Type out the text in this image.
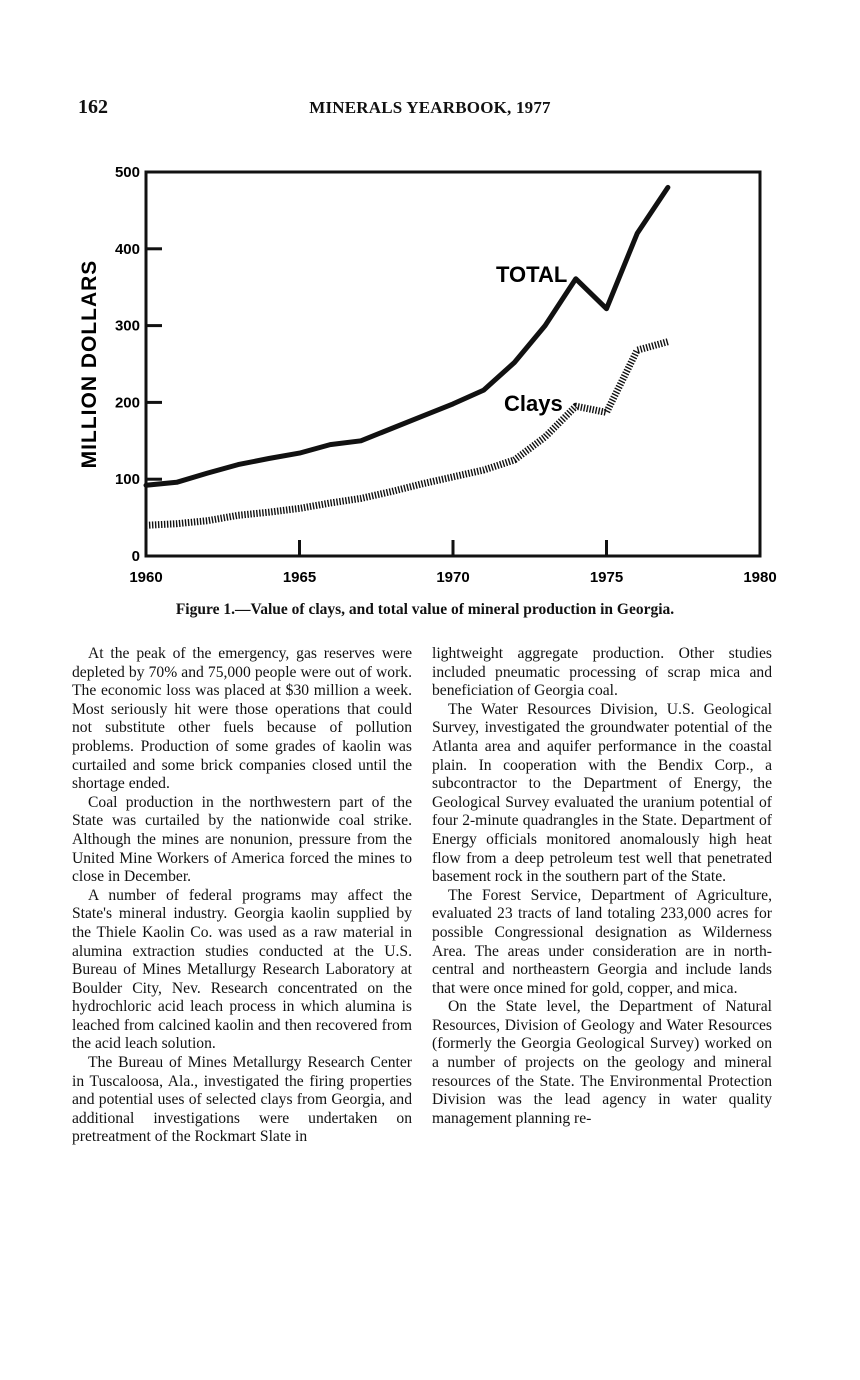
162	MINERALS YEARBOOK, 1977
0
100
200
300
400
500
1960	1965	1970	1975	1980
MILLION DOLLARS	TOTAL
Clays
Figure 1.—Value of clays, and total value of mineral production in Georgia.

At the peak of the emergency, gas reserves were depleted by 70% and 75,000 people were out of work. The economic loss was placed at $30 million a week. Most seriously hit were those operations that could not substitute other fuels because of pollution problems. Production of some grades of kaolin was curtailed and some brick companies closed until the shortage ended.

Coal production in the northwestern part of the State was curtailed by the nationwide coal strike. Although the mines are nonunion, pressure from the United Mine Workers of America forced the mines to close in December.

A number of federal programs may affect the State's mineral industry. Georgia kaolin supplied by the Thiele Kaolin Co. was used as a raw material in alumina extraction studies conducted at the U.S. Bureau of Mines Metallurgy Research Laboratory at Boulder City, Nev. Research concentrated on the hydrochloric acid leach process in which alumina is leached from calcined kaolin and then recovered from the acid leach solution.

The Bureau of Mines Metallurgy Research Center in Tuscaloosa, Ala., investigated the firing properties and potential uses of selected clays from Georgia, and additional investigations were undertaken on pretreatment of the Rockmart Slate in

lightweight aggregate production. Other studies included pneumatic processing of scrap mica and beneficiation of Georgia coal.

The Water Resources Division, U.S. Geological Survey, investigated the groundwater potential of the Atlanta area and aquifer performance in the coastal plain. In cooperation with the Bendix Corp., a subcontractor to the Department of Energy, the Geological Survey evaluated the uranium potential of four 2-minute quadrangles in the State. Department of Energy officials monitored anomalously high heat flow from a deep petroleum test well that penetrated basement rock in the southern part of the State.

The Forest Service, Department of Agriculture, evaluated 23 tracts of land totaling 233,000 acres for possible Congressional designation as Wilderness Area. The areas under consideration are in north-central and northeastern Georgia and include lands that were once mined for gold, copper, and mica.

On the State level, the Department of Natural Resources, Division of Geology and Water Resources (formerly the Georgia Geological Survey) worked on a number of projects on the geology and mineral resources of the State. The Environmental Protection Division was the lead agency in water quality management planning re-
